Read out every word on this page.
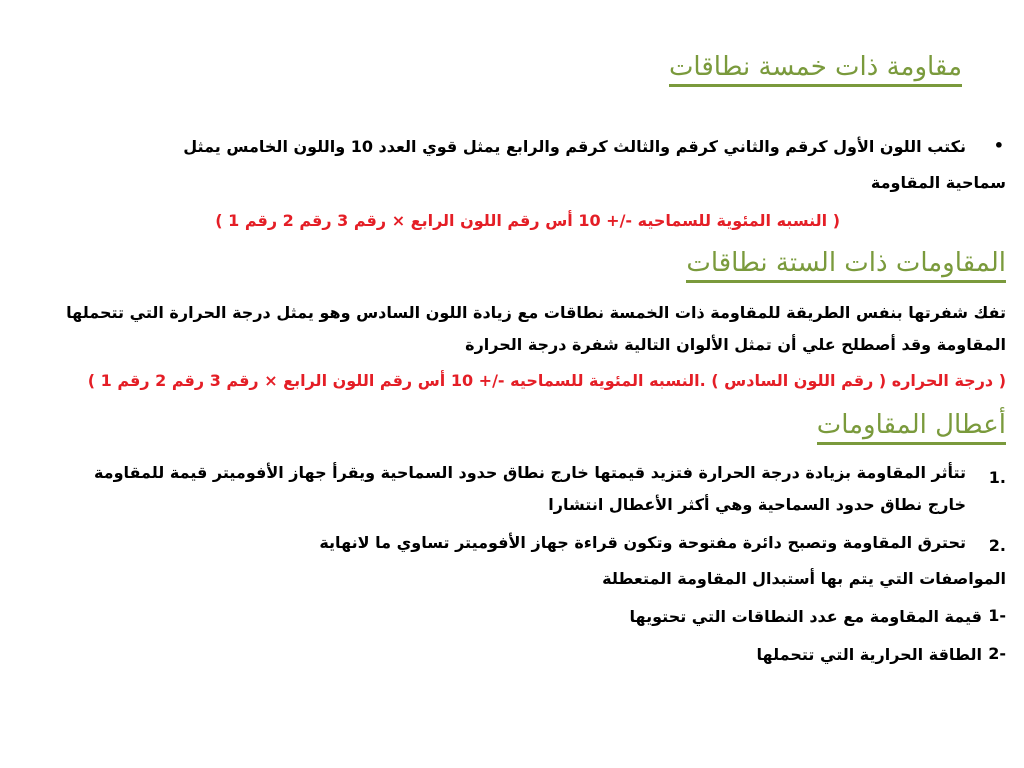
مقاومة ذات خمسة نطاقات
•
نكتب اللون الأول كرقم والثاني كرقم والثالث كرقم والرابع يمثل قوي العدد 10 واللون الخامس يمثل
سماحية المقاومة
( النسبه المئوية للسماحيه -/+ 10 أس رقم اللون الرابع × رقم 3 رقم 2 رقم 1 )
المقاومات ذات الستة نطاقات
تفك شفرتها بنفس الطريقة للمقاومة ذات الخمسة نطاقات مع زيادة اللون السادس وهو يمثل درجة الحرارة التي تتحملها
المقاومة وقد أصطلح علي أن تمثل الألوان التالية شفرة درجة الحرارة
( درجة الحراره ( رقم اللون السادس ) .النسبه المئوية للسماحيه -/+ 10 أس رقم اللون الرابع × رقم 3 رقم 2 رقم 1 )
أعطال المقاومات
1.
تتأثر المقاومة بزيادة درجة الحرارة فتزيد قيمتها خارج نطاق حدود السماحية ويقرأ جهاز الأفوميتر قيمة للمقاومة
خارج نطاق حدود السماحية وهي أكثر الأعطال انتشارا
2.
تحترق المقاومة وتصبح دائرة مفتوحة وتكون قراءة جهاز الأفوميتر تساوي ما لانهاية
المواصفات التي يتم بها أستبدال المقاومة المتعطلة
1-
قيمة المقاومة مع عدد النطاقات التي تحتويها
2-
الطاقة الحرارية التي تتحملها
